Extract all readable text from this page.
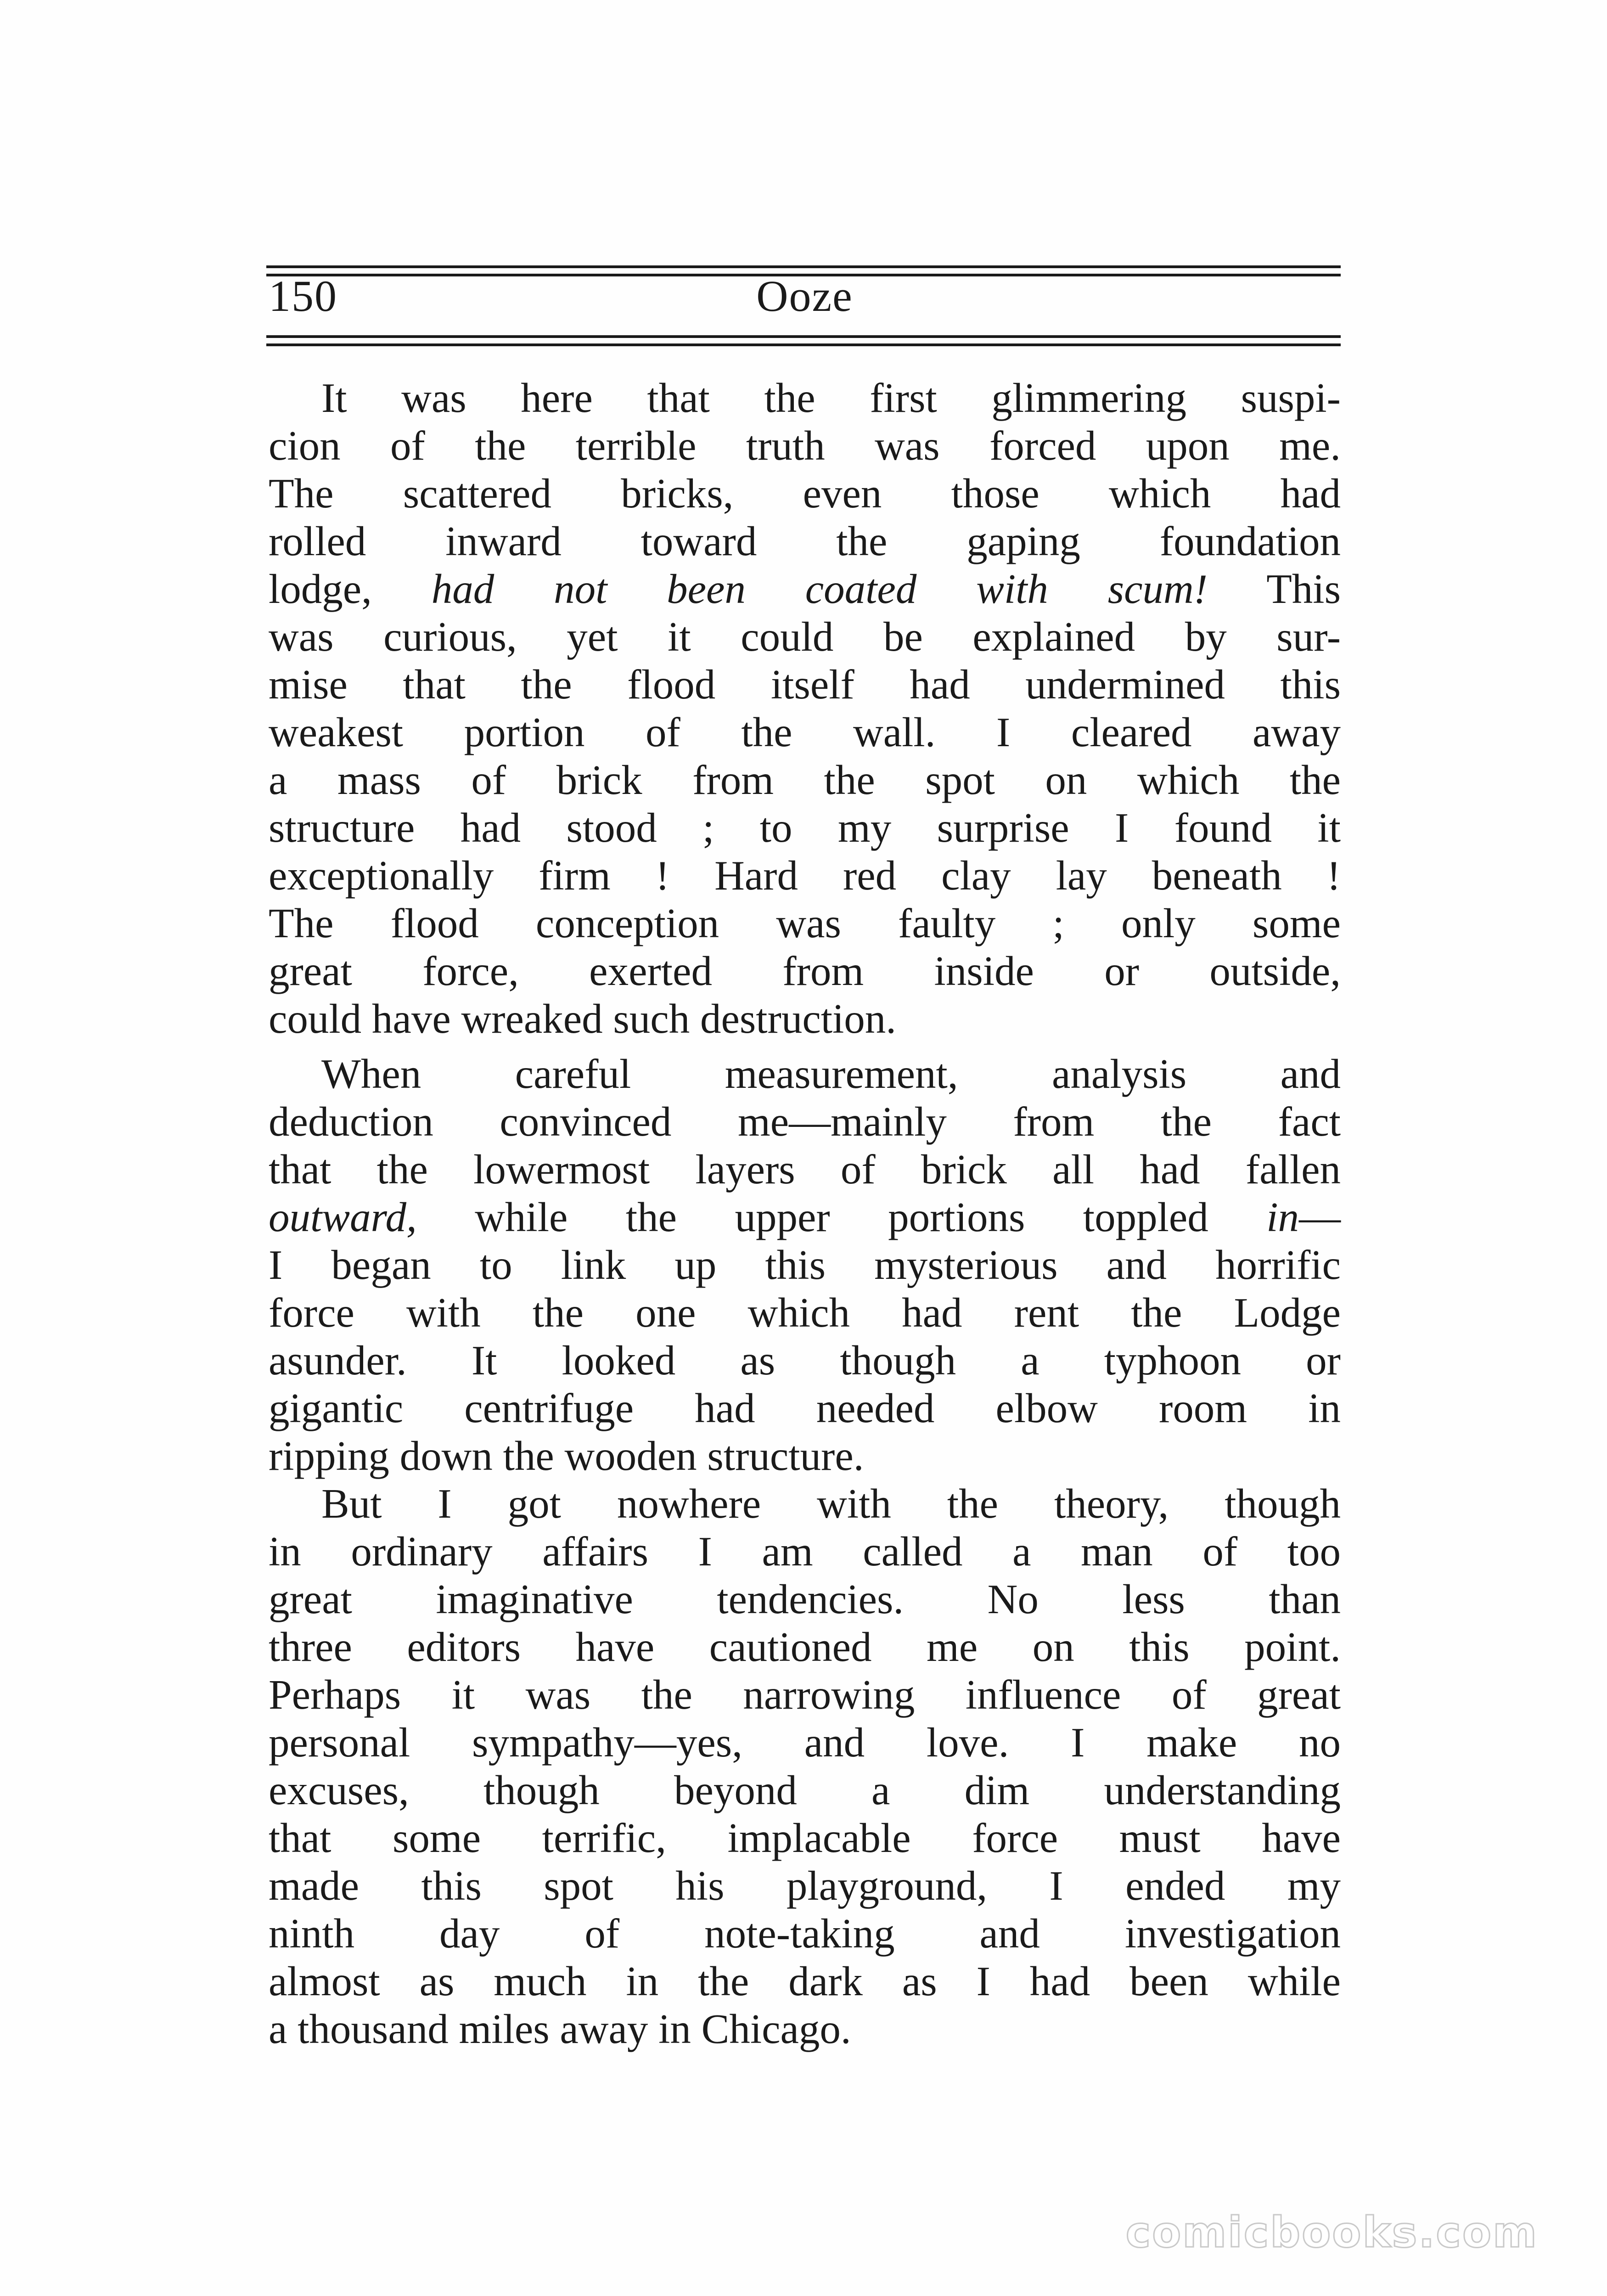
150	Ooze

It was here that the first glimmering suspi-
cion of the terrible truth was forced upon me.
The scattered bricks, even those which had
rolled inward toward the gaping foundation
lodge, had not been coated with scum! This
was curious, yet it could be explained by sur-
mise that the flood itself had undermined this
weakest portion of the wall. I cleared away
a mass of brick from the spot on which the
structure had stood ; to my surprise I found it
exceptionally firm ! Hard red clay lay beneath !
The flood conception was faulty ; only some
great force, exerted from inside or outside,
could have wreaked such destruction.

When careful measurement, analysis and
deduction convinced me—mainly from the fact
that the lowermost layers of brick all had fallen
outward, while the upper portions toppled in—
I began to link up this mysterious and horrific
force with the one which had rent the Lodge
asunder. It looked as though a typhoon or
gigantic centrifuge had needed elbow room in
ripping down the wooden structure.

But I got nowhere with the theory, though
in ordinary affairs I am called a man of too
great imaginative tendencies. No less than
three editors have cautioned me on this point.
Perhaps it was the narrowing influence of great
personal sympathy—yes, and love. I make no
excuses, though beyond a dim understanding
that some terrific, implacable force must have
made this spot his playground, I ended my
ninth day of note-taking and investigation
almost as much in the dark as I had been while
a thousand miles away in Chicago.

comicbooks.com
